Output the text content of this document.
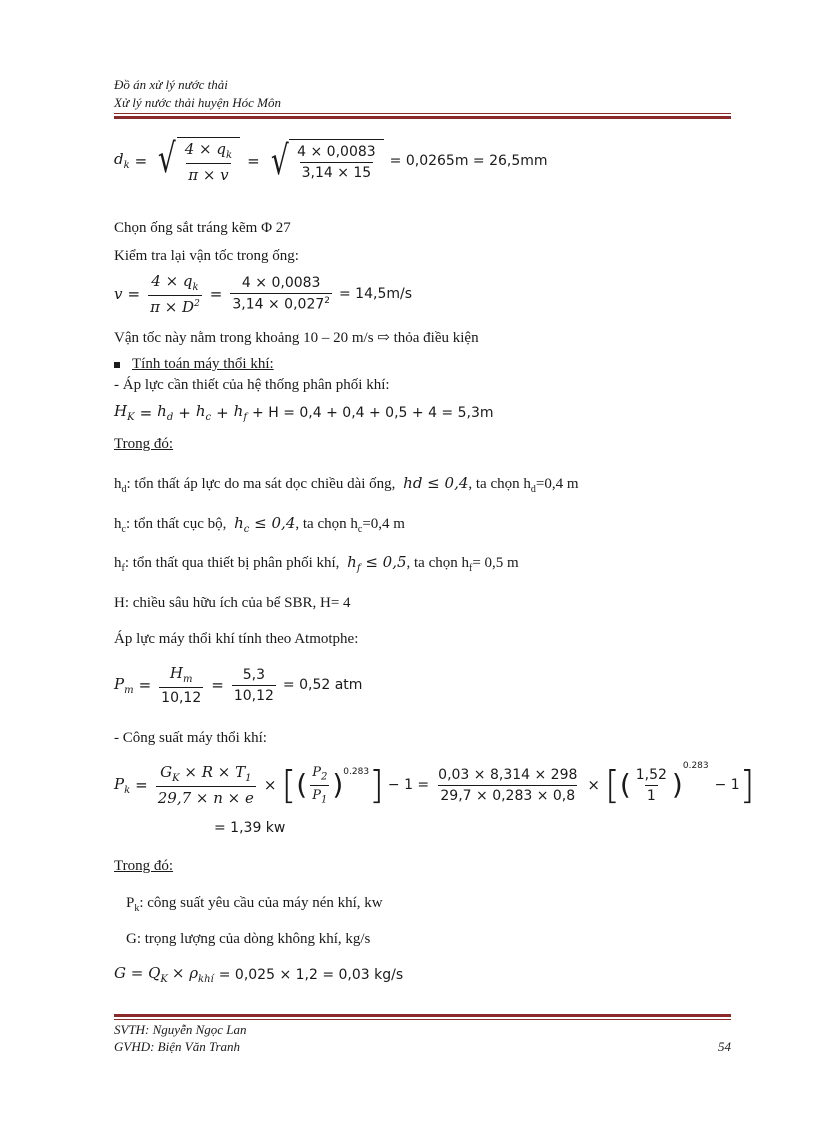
Đồ án xử lý nước thải
Xử lý nước thải huyện Hóc Môn
$d_k$ = √ $\frac{4 \times q_k}{\pi \times v}$ = √ $\frac{4 \times 0,0083}{3,14 \times 15} = 0,0265m = 26,5mm$
Chọn ống sắt tráng kẽm Φ 27
Kiểm tra lại vận tốc trong ống:
$v = \frac{4 \times q_k}{\pi \times D^2} = \frac{4 \times 0,0083}{3,14 \times 0,027^2} = 14,5m/s$
Vận tốc này nằm trong khoảng 10 – 20 m/s ⇨ thỏa điều kiện
Tính toán máy thổi khí:
- Áp lực cần thiết của hệ thống phân phối khí:
$H_K = h_d + h_c + h_f + H = 0,4 + 0,4 + 0,5 + 4 = 5,3m$
Trong đó:
$h_d$: tổn thất áp lực do ma sát dọc chiều dài ống, hd ≤ 0,4, ta chọn $h_d=0,4$ m
$h_c$: tổn thất cục bộ, $h_c \le 0,4$, ta chọn $h_c=0,4$ m
$h_f$: tổn thất qua thiết bị phân phối khí, $h_f \le 0,5$, ta chọn $h_f= 0,5$ m
H: chiều sâu hữu ích của bể SBR, H= 4
Áp lực máy thổi khí tính theo Atmotphe:
$P_m = \frac{H_m}{10,12} = \frac{5,3}{10,12} = 0,52$ atm
- Công suất máy thổi khí:
$P_k = \frac{G_K \times R \times T_1}{29,7 \times n \times e}$ × [ ( $\frac{P_2}{P_1} )^{0.283}$ ] − $1 = \frac{0,03 \times 8,314 \times 298}{29,7 \times 0,283 \times 0,8}$ × [ ( $\frac{1,52}{1}$ )
$^{0.283}$
− 1 ]
= 1,39 kw
Trong đó:
$P_k$: công suất yêu cầu của máy nén khí, kw
G: trọng lượng của dòng không khí, kg/s
$G = Q_K \times \rho_{khí} = 0,025 \times 1,2 = 0,03$ kg/s
SVTH: Nguyễn Ngọc Lan
GVHD: Biện Văn Tranh	54
